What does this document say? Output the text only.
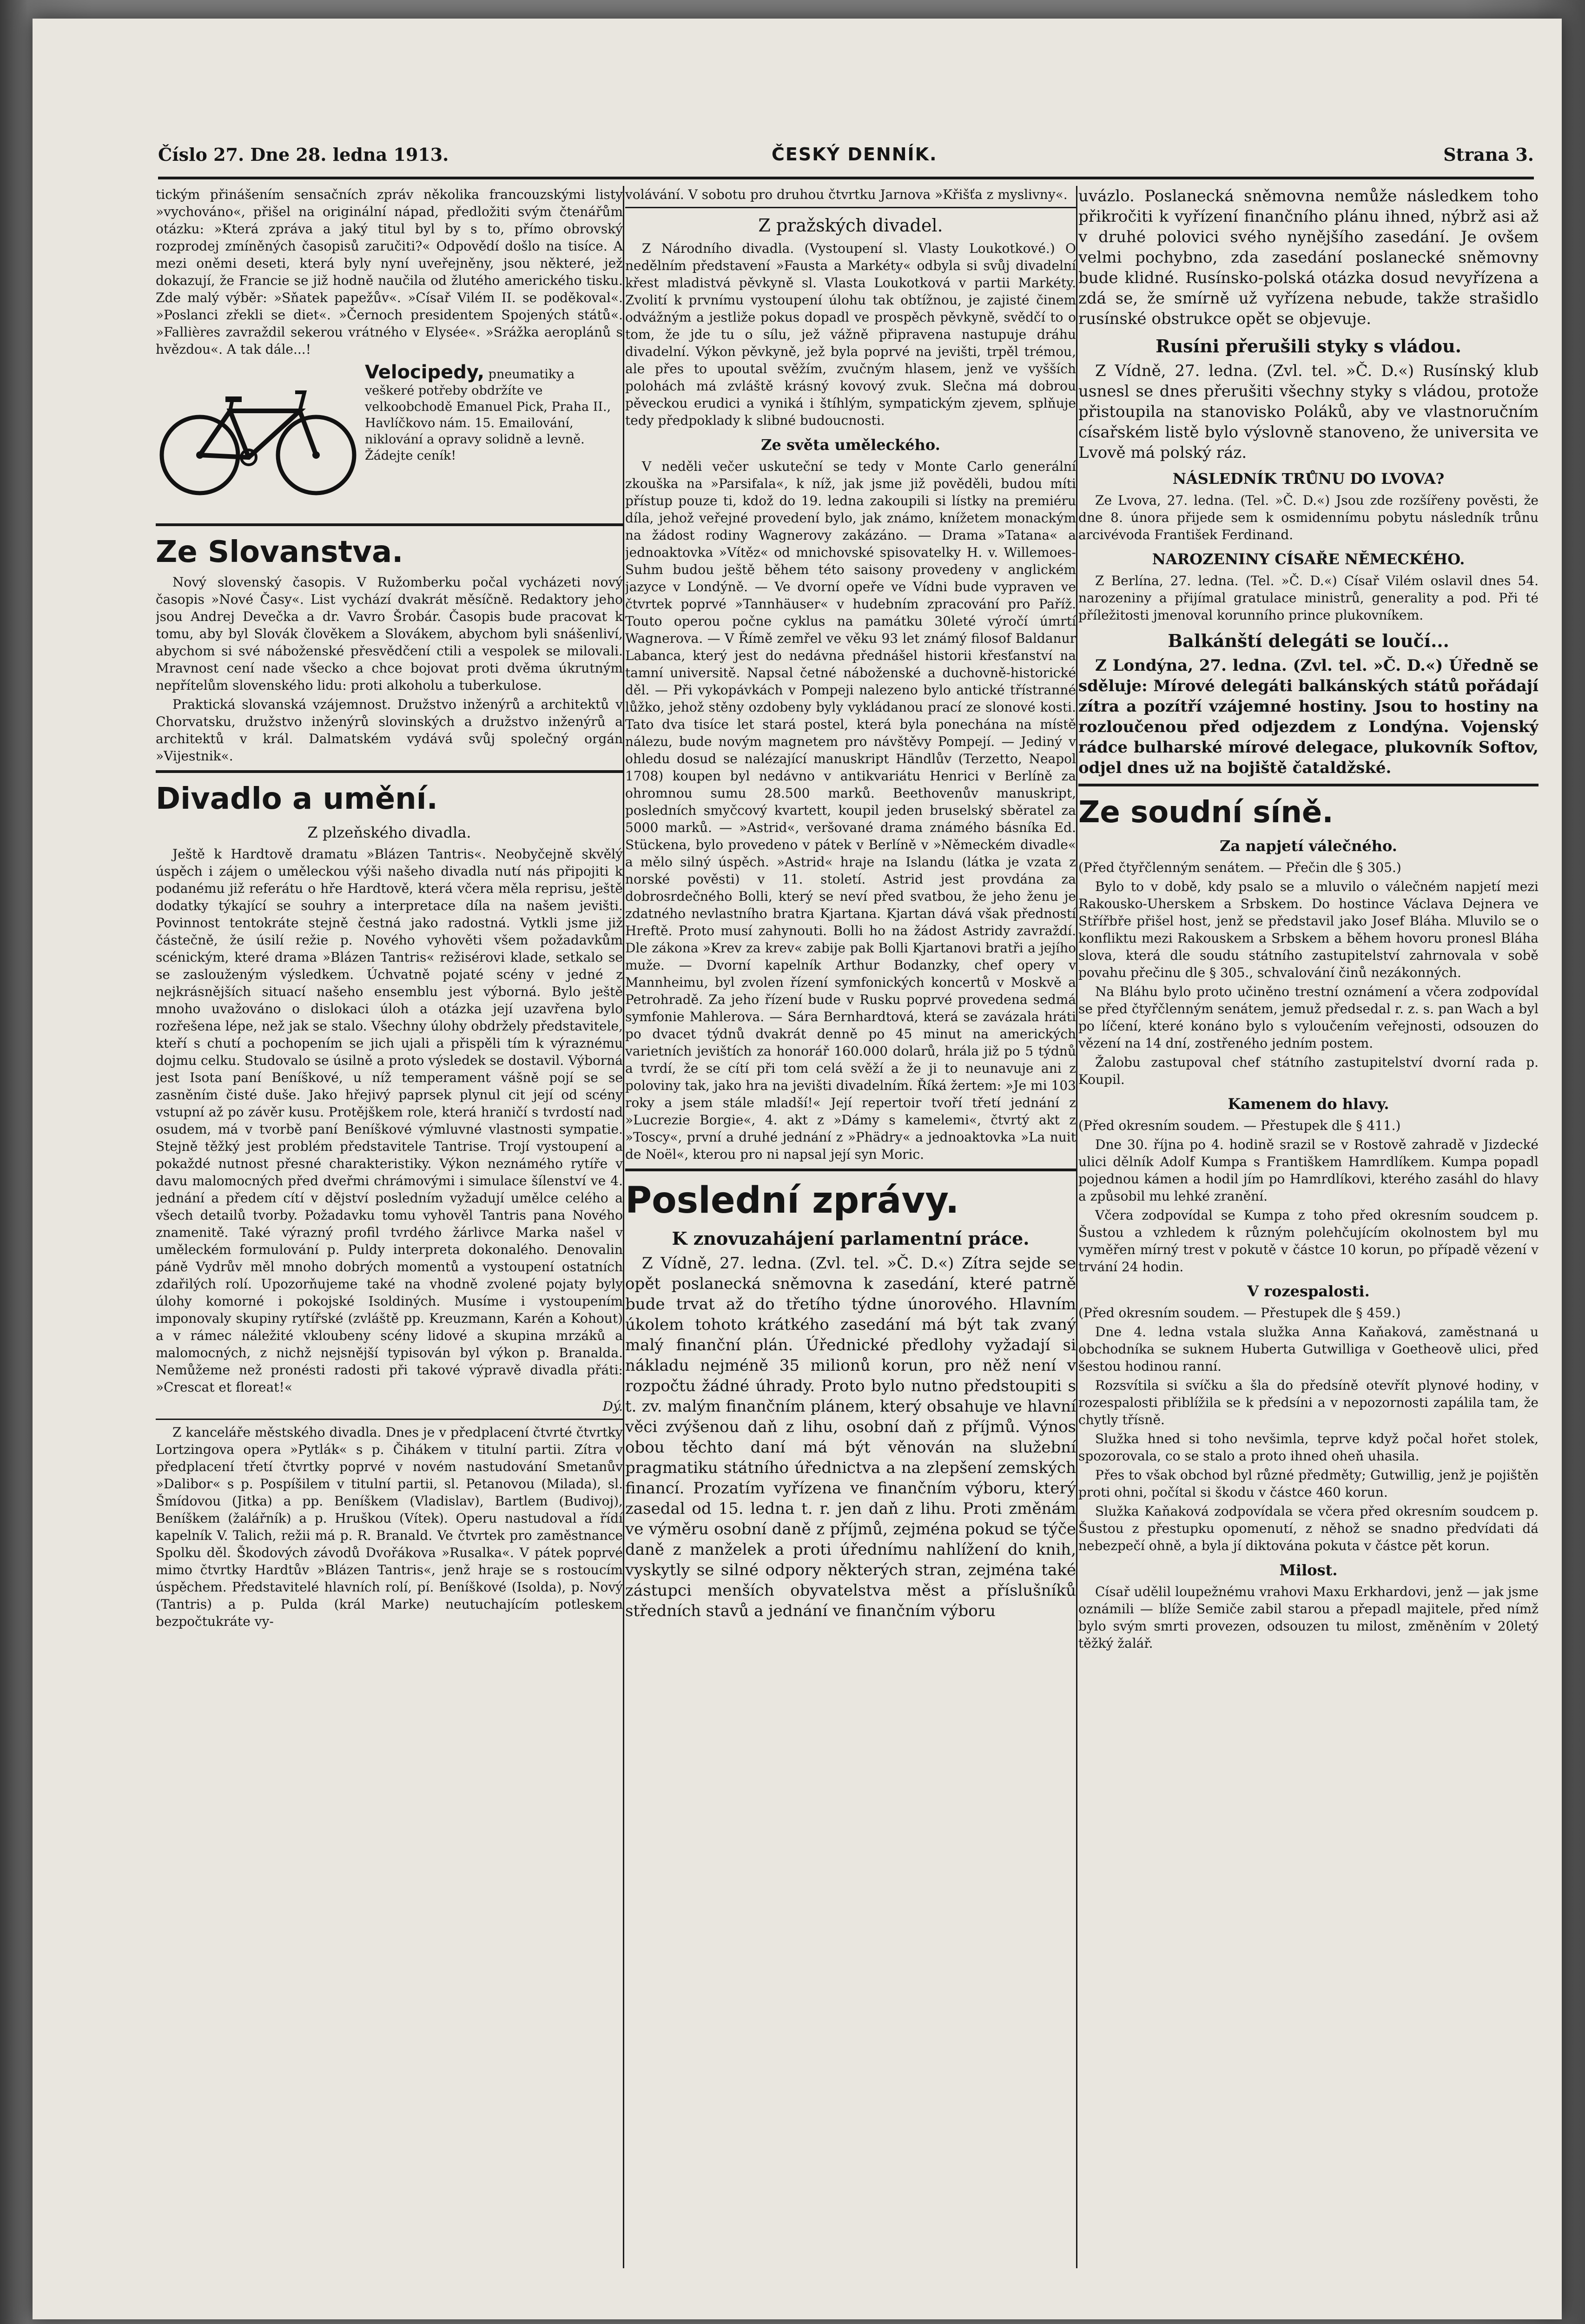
Číslo 27. Dne 28. ledna 1913.	ČESKÝ DENNÍK.	Strana 3.

tickým přinášením sensačních zpráv několika francouzskými listy »vychováno«, přišel na originální nápad, předložiti svým čtenářům otázku: »Která zpráva a jaký titul byl by s to, přímo obrovský rozprodej zmíněných časopisů zaručiti?« Odpovědí došlo na tisíce. A mezi oněmi deseti, která byly nyní uveřejněny, jsou některé, jež dokazují, že Francie se již hodně naučila od žlutého amerického tisku. Zde malý výběr: »Sňatek papežův«. »Císař Vilém II. se poděkoval«. »Poslanci zřekli se diet«. »Černoch presidentem Spojených států«. »Fallières zavraždil sekerou vrátného v Elysée«. »Srážka aeroplánů s hvězdou«. A tak dále...!

Velocipedy, pneumatiky a veškeré potřeby obdržíte ve velkoobchodě Emanuel Pick, Praha II., Havlíčkovo nám. 15. Emailování, niklování a opravy solidně a levně. Žádejte ceník!
Ze Slovanstva.

Nový slovenský časopis. V Ružomberku počal vycházeti nový časopis »Nové Časy«. List vychází dvakrát měsíčně. Redaktory jeho jsou Andrej Devečka a dr. Vavro Šrobár. Časopis bude pracovat k tomu, aby byl Slovák člověkem a Slovákem, abychom byli snášenliví, abychom si své náboženské přesvědčení ctili a vespolek se milovali. Mravnost cení nade všecko a chce bojovat proti dvěma úkrutným nepřítelům slovenského lidu: proti alkoholu a tuberkulose.

Praktická slovanská vzájemnost. Družstvo inženýrů a architektů v Chorvatsku, družstvo inženýrů slovinských a družstvo inženýrů a architektů v král. Dalmatském vydává svůj společný orgán »Vijestnik«.

Divadlo a umění.
Z plzeňského divadla.

Ještě k Hardtově dramatu »Blázen Tantris«. Neobyčejně skvělý úspěch i zájem o uměleckou výši našeho divadla nutí nás připojiti k podanému již referátu o hře Hardtově, která včera měla reprisu, ještě dodatky týkající se souhry a interpretace díla na našem jevišti. Povinnost tentokráte stejně čestná jako radostná. Vytkli jsme již částečně, že úsilí režie p. Nového vyhověti všem požadavkům scénickým, které drama »Blázen Tantris« režisérovi klade, setkalo se se zaslouženým výsledkem. Úchvatně pojaté scény v jedné z nejkrásnějších situací našeho ensemblu jest výborná. Bylo ještě mnoho uvažováno o dislokaci úloh a otázka její uzavřena bylo rozřešena lépe, než jak se stalo. Všechny úlohy obdržely představitele, kteří s chutí a pochopením se jich ujali a přispěli tím k výraznému dojmu celku. Studovalo se úsilně a proto výsledek se dostavil. Výborná jest Isota paní Beníškové, u níž temperament vášně pojí se se zasněním čisté duše. Jako hřejivý paprsek plynul cit její od scény vstupní až po závěr kusu. Protějškem role, která hraničí s tvrdostí nad osudem, má v tvorbě paní Beníškové výmluvné vlastnosti sympatie. Stejně těžký jest problém představitele Tantrise. Trojí vystoupení a pokaždé nutnost přesné charakteristiky. Výkon neznámého rytíře v davu malomocných před dveřmi chrámovými i simulace šílenství ve 4. jednání a předem cítí v dějství posledním vyžadují umělce celého a všech detailů tvorby. Požadavku tomu vyhověl Tantris pana Nového znamenitě. Také výrazný profil tvrdého žárlivce Marka našel v uměleckém formulování p. Puldy interpreta dokonalého. Denovalin páně Vydrův měl mnoho dobrých momentů a vystoupení ostatních zdařilých rolí. Upozorňujeme také na vhodně zvolené pojaty byly úlohy komorné i pokojské Isoldiných. Musíme i vystoupením imponovaly skupiny rytířské (zvláště pp. Kreuzmann, Karén a Kohout) a v rámec náležité vkloubeny scény lidové a skupina mrzáků a malomocných, z nichž nejsnější typisován byl výkon p. Branalda. Nemůžeme než pronésti radosti při takové výpravě divadla přáti: »Crescat et floreat!«

Dý.

Z kanceláře městského divadla. Dnes je v předplacení čtvrté čtvrtky Lortzingova opera »Pytlák« s p. Čihákem v titulní partii. Zítra v předplacení třetí čtvrtky poprvé v novém nastudování Smetanův »Dalibor« s p. Pospíšilem v titulní partii, sl. Petanovou (Milada), sl. Šmídovou (Jitka) a pp. Beníškem (Vladislav), Bartlem (Budivoj), Beníškem (žalářník) a p. Hruškou (Vítek). Operu nastudoval a řídí kapelník V. Talich, režii má p. R. Branald. Ve čtvrtek pro zaměstnance Spolku děl. Škodových závodů Dvořákova »Rusalka«. V pátek poprvé mimo čtvrtky Hardtův »Blázen Tantris«, jenž hraje se s rostoucím úspěchem. Představitelé hlavních rolí, pí. Beníškové (Isolda), p. Nový (Tantris) a p. Pulda (král Marke) neutuchajícím potleskem bezpočtukráte vy-

volávání. V sobotu pro druhou čtvrtku Jarnova »Křišťa z myslivny«.

Z pražských divadel.

Z Národního divadla. (Vystoupení sl. Vlasty Loukotkové.) O nedělním představení »Fausta a Markéty« odbyla si svůj divadelní křest mladistvá pěvkyně sl. Vlasta Loukotková v partii Markéty. Zvolití k prvnímu vystoupení úlohu tak obtížnou, je zajisté činem odvážným a jestliže pokus dopadl ve prospěch pěvkyně, svědčí to o tom, že jde tu o sílu, jež vážně připravena nastupuje dráhu divadelní. Výkon pěvkyně, jež byla poprvé na jevišti, trpěl trémou, ale přes to upoutal svěžím, zvučným hlasem, jenž ve vyšších polohách má zvláště krásný kovový zvuk. Slečna má dobrou pěveckou erudici a vyniká i štíhlým, sympatickým zjevem, splňuje tedy předpoklady k slibné budoucnosti.

Ze světa uměleckého.

V neděli večer uskuteční se tedy v Monte Carlo generální zkouška na »Parsifala«, k níž, jak jsme již pověděli, budou míti přístup pouze ti, kdož do 19. ledna zakoupili si lístky na premiéru díla, jehož veřejné provedení bylo, jak známo, knížetem monackým na žádost rodiny Wagnerovy zakázáno. — Drama »Tatana« a jednoaktovka »Vítěz« od mnichovské spisovatelky H. v. Willemoes-Suhm budou ještě během této saisony provedeny v anglickém jazyce v Londýně. — Ve dvorní opeře ve Vídni bude vypraven ve čtvrtek poprvé »Tannhäuser« v hudebním zpracování pro Paříž. Touto operou počne cyklus na památku 30leté výročí úmrtí Wagnerova. — V Římě zemřel ve věku 93 let známý filosof Baldanur Labanca, který jest do nedávna přednášel historii křesťanství na tamní universitě. Napsal četné náboženské a duchovně-historické děl. — Při vykopávkách v Pompeji nalezeno bylo antické třístranné lůžko, jehož stěny ozdobeny byly vykládanou prací ze slonové kosti. Tato dva tisíce let stará postel, která byla ponechána na místě nálezu, bude novým magnetem pro návštěvy Pompejí. — Jediný v ohledu dosud se nalézající manuskript Händlův (Terzetto, Neapol 1708) koupen byl nedávno v antikvariátu Henrici v Berlíně za ohromnou sumu 28.500 marků. Beethovenův manuskript, posledních smyčcový kvartett, koupil jeden bruselský sběratel za 5000 marků. — »Astrid«, veršované drama známého básníka Ed. Stückena, bylo provedeno v pátek v Berlíně v »Německém divadle« a mělo silný úspěch. »Astrid« hraje na Islandu (látka je vzata z norské pověsti) v 11. století. Astrid jest provdána za dobrosrdečného Bolli, který se neví před svatbou, že jeho ženu je zdatného nevlastního bratra Kjartana. Kjartan dává však předností Hreftě. Proto musí zahynouti. Bolli ho na žádost Astridy zavraždí. Dle zákona »Krev za krev« zabije pak Bolli Kjartanovi bratři a jejího muže. — Dvorní kapelník Arthur Bodanzky, chef opery v Mannheimu, byl zvolen řízení symfonických koncertů v Moskvě a Petrohradě. Za jeho řízení bude v Rusku poprvé provedena sedmá symfonie Mahlerova. — Sára Bernhardtová, která se zavázala hráti po dvacet týdnů dvakrát denně po 45 minut na amerických varietních jevištích za honorář 160.000 dolarů, hrála již po 5 týdnů a tvrdí, že se cítí při tom celá svěží a že ji to neunavuje ani z poloviny tak, jako hra na jevišti divadelním. Říká žertem: »Je mi 103 roky a jsem stále mladší!« Její repertoir tvoří třetí jednání z »Lucrezie Borgie«, 4. akt z »Dámy s kamelemi«, čtvrtý akt z »Toscy«, první a druhé jednání z »Phädry« a jednoaktovka »La nuit de Noël«, kterou pro ni napsal její syn Moric.

Poslední zprávy.
K znovuzahájení parlamentní práce.

Z Vídně, 27. ledna. (Zvl. tel. »Č. D.«) Zítra sejde se opět poslanecká sněmovna k zasedání, které patrně bude trvat až do třetího týdne únorového. Hlavním úkolem tohoto krátkého zasedání má být tak zvaný malý finanční plán. Úřednické předlohy vyžadají si nákladu nejméně 35 milionů korun, pro něž není v rozpočtu žádné úhrady. Proto bylo nutno předstoupiti s t. zv. malým finančním plánem, který obsahuje ve hlavní věci zvýšenou daň z lihu, osobní daň z příjmů. Výnos obou těchto daní má být věnován na služební pragmatiku státního úřednictva a na zlepšení zemských financí. Prozatím vyřízena ve finančním výboru, který zasedal od 15. ledna t. r. jen daň z lihu. Proti změnám ve výměru osobní daně z příjmů, zejména pokud se týče daně z manželek a proti úřednímu nahlížení do knih, vyskytly se silné odpory některých stran, zejména také zástupci menších obyvatelstva měst a příslušníků středních stavů a jednání ve finančním výboru

uvázlo. Poslanecká sněmovna nemůže následkem toho přikročiti k vyřízení finančního plánu ihned, nýbrž asi až v druhé polovici svého nynějšího zasedání. Je ovšem velmi pochybno, zda zasedání poslanecké sněmovny bude klidné. Rusínsko-polská otázka dosud nevyřízena a zdá se, že smírně už vyřízena nebude, takže strašidlo rusínské obstrukce opět se objevuje.

Rusíni přerušili styky s vládou.

Z Vídně, 27. ledna. (Zvl. tel. »Č. D.«) Rusínský klub usnesl se dnes přerušiti všechny styky s vládou, protože přistoupila na stanovisko Poláků, aby ve vlastnoručním císařském listě bylo výslovně stanoveno, že universita ve Lvově má polský ráz.

NÁSLEDNÍK TRŮNU DO LVOVA?

Ze Lvova, 27. ledna. (Tel. »Č. D.«) Jsou zde rozšířeny pověsti, že dne 8. února přijede sem k osmidennímu pobytu následník trůnu arcivévoda František Ferdinand.

NAROZENINY CÍSAŘE NĚMECKÉHO.

Z Berlína, 27. ledna. (Tel. »Č. D.«) Císař Vilém oslavil dnes 54. narozeniny a přijímal gratulace ministrů, generality a pod. Při té příležitosti jmenoval korunního prince plukovníkem.

Balkánští delegáti se loučí...

Z Londýna, 27. ledna. (Zvl. tel. »Č. D.«) Úředně se sděluje: Mírové delegáti balkánských států pořádají zítra a pozítří vzájemné hostiny. Jsou to hostiny na rozloučenou před odjezdem z Londýna. Vojenský rádce bulharské mírové delegace, plukovník Softov, odjel dnes už na bojiště čataldžské.

Ze soudní síně.
Za napjetí válečného.

(Před čtyřčlenným senátem. — Přečin dle § 305.)

Bylo to v době, kdy psalo se a mluvilo o válečném napjetí mezi Rakousko-Uherskem a Srbskem. Do hostince Václava Dejnera ve Střířbře přišel host, jenž se představil jako Josef Bláha. Mluvilo se o konfliktu mezi Rakouskem a Srbskem a během hovoru pronesl Bláha slova, která dle soudu státního zastupitelství zahrnovala v sobě povahu přečinu dle § 305., schvalování činů nezákonných.

Na Bláhu bylo proto učiněno trestní oznámení a včera zodpovídal se před čtyřčlenným senátem, jemuž předsedal r. z. s. pan Wach a byl po líčení, které konáno bylo s vyloučením veřejnosti, odsouzen do vězení na 14 dní, zostřeného jedním postem.

Žalobu zastupoval chef státního zastupitelství dvorní rada p. Koupil.

Kamenem do hlavy.

(Před okresním soudem. — Přestupek dle § 411.)

Dne 30. října po 4. hodině srazil se v Rostově zahradě v Jizdecké ulici dělník Adolf Kumpa s Františkem Hamrdlíkem. Kumpa popadl pojednou kámen a hodil jím po Hamrdlíkovi, kterého zasáhl do hlavy a způsobil mu lehké zranění.

Včera zodpovídal se Kumpa z toho před okresním soudcem p. Šustou a vzhledem k různým polehčujícím okolnostem byl mu vyměřen mírný trest v pokutě v částce 10 korun, po případě vězení v trvání 24 hodin.

V rozespalosti.

(Před okresním soudem. — Přestupek dle § 459.)

Dne 4. ledna vstala služka Anna Kaňaková, zaměstnaná u obchodníka se suknem Huberta Gutwilliga v Goetheově ulici, před šestou hodinou ranní.

Rozsvítila si svíčku a šla do předsíně otevřít plynové hodiny, v rozespalosti přiblížila se k předsíni a v nepozornosti zapálila tam, že chytly třísně.

Služka hned si toho nevšimla, teprve když počal hořet stolek, spozorovala, co se stalo a proto ihned oheň uhasila.

Přes to však obchod byl různé předměty; Gutwillig, jenž je pojištěn proti ohni, počítal si škodu v částce 460 korun.

Služka Kaňaková zodpovídala se včera před okresním soudcem p. Šustou z přestupku opomenutí, z něhož se snadno předvídati dá nebezpečí ohně, a byla jí diktována pokuta v částce pět korun.

Milost.

Císař udělil loupežnému vrahovi Maxu Erkhardovi, jenž — jak jsme oznámili — blíže Semiče zabil starou a přepadl majitele, před nímž bylo svým smrti provezen, odsouzen tu milost, změněním v 20letý těžký žalář.
